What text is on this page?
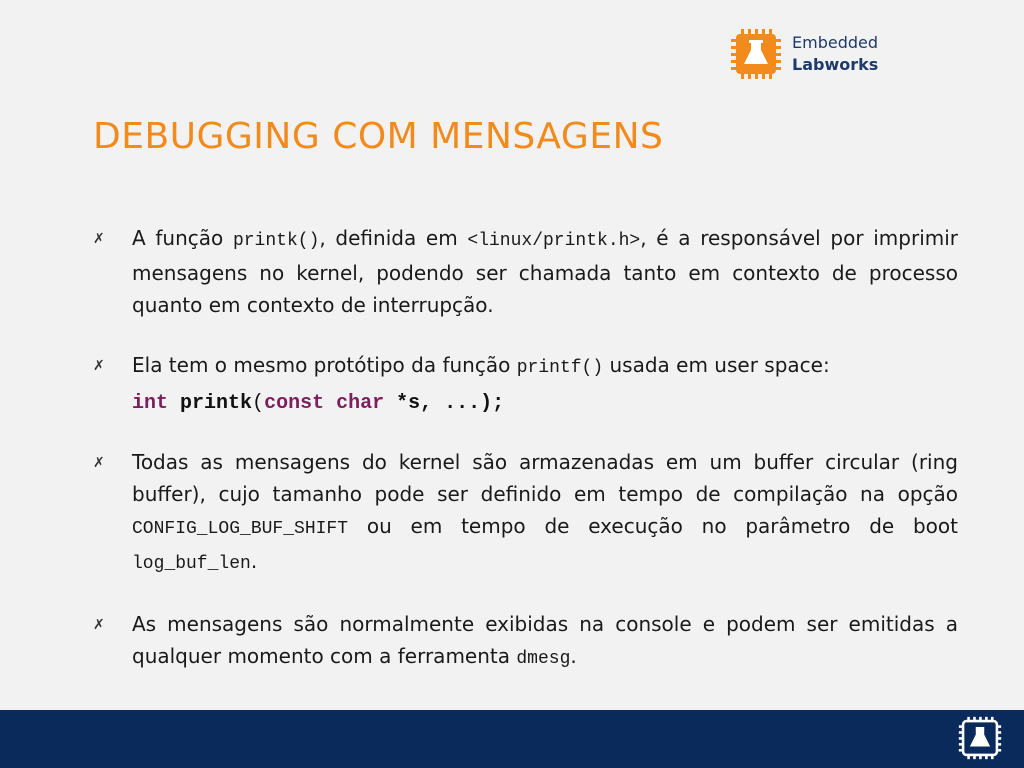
Embedded
Labworks
DEBUGGING COM MENSAGENS
✗ A função printk(), definida em <linux/printk.h>, é a responsável por imprimir mensagens no kernel, podendo ser chamada tanto em contexto de processo quanto em contexto de interrupção.
✗ Ela tem o mesmo protótipo da função printf() usada em user space:
int printk(const char *s, ...);
✗ Todas as mensagens do kernel são armazenadas em um buffer circular (ring buffer), cujo tamanho pode ser definido em tempo de compilação na opção CONFIG_LOG_BUF_SHIFT ou em tempo de execução no parâmetro de boot log_buf_len.
✗ As mensagens são normalmente exibidas na console e podem ser emitidas a qualquer momento com a ferramenta dmesg.
